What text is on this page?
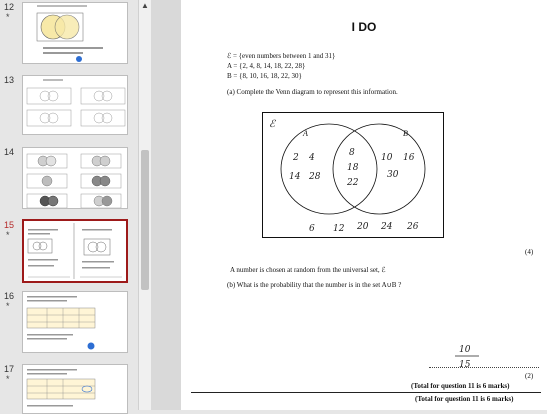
12
*
13
14
15
*
16
*
17
*
▲
I DO
ℰ = {even numbers between 1 and 31}
A = {2, 4, 8, 14, 18, 22, 28}
B = {8, 10, 16, 18, 22, 30}
(a) Complete the Venn diagram to represent this information.
ℰ
A	B
2 4
14 28
8
18
22
10 16
30
6 12 20 24 26
(4)
A number is chosen at random from the universal set, ℰ
(b) What is the probability that the number is in the set A∪B ?
10
15
(2)
(Total for question 11 is 6 marks)
(Total for question 11 is 6 marks)
